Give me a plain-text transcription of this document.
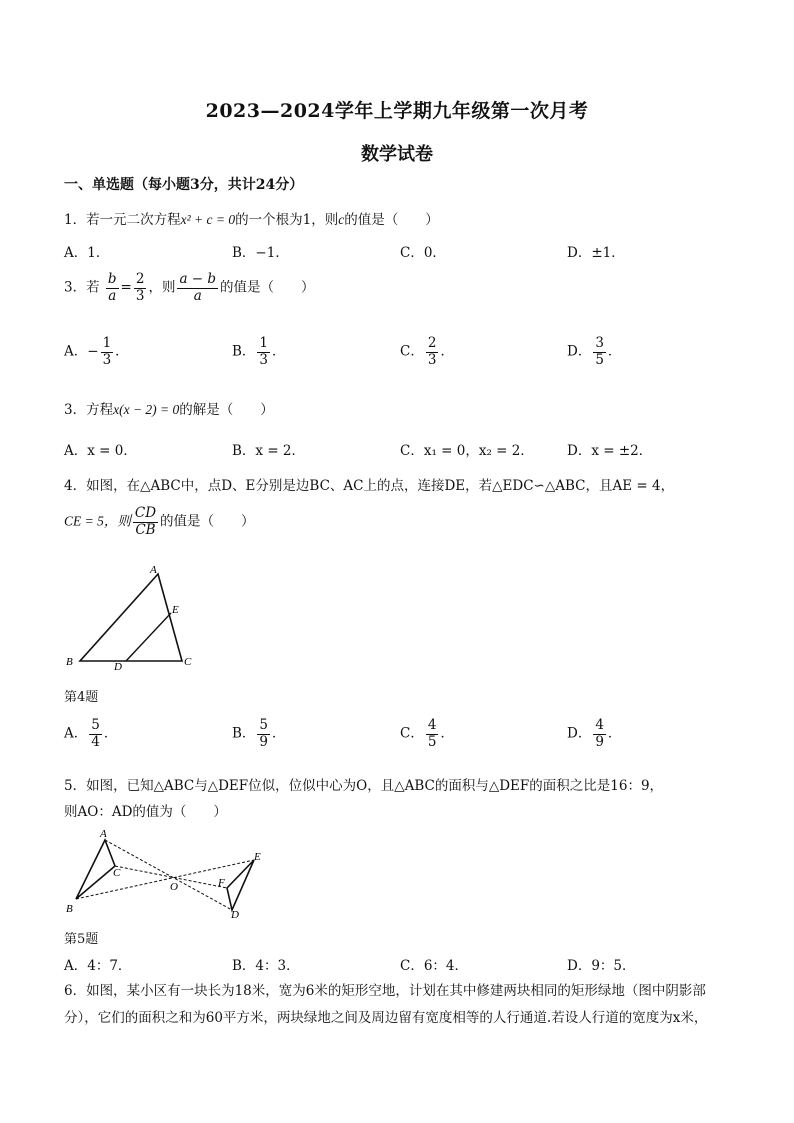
2023—2024学年上学期九年级第一次月考
数学试卷
一、单选题（每小题3分，共计24分）
1．若一元二次方程x² + c = 0的一个根为1，则c的值是（　　）
A．1．	B．−1．	C．0．	D．±1．
3．若 $\frac{b}{a} = \frac{2}{3}$ ，则 $\frac{a - b}{a}$ 的值是（　　）
A．− $\frac{1}{3}$ ．	B． $\frac{1}{3}$ ．	C． $\frac{2}{3}$ ．	D． $\frac{3}{5}$ ．
3．方程x(x − 2) = 0的解是（　　）
A．x = 0．	B．x = 2．	C．x₁ = 0，x₂ = 2． D．x = ±2．
4．如图，在△ABC中，点D、E分别是边BC、AC上的点，连接DE，若△EDC∽△ABC，且AE = 4，
CE = 5，则 $\frac{CD}{CB}$ 的值是（　　）
A
E
B	D	C
第4题
A． $\frac{5}{4}$ ．	B． $\frac{5}{9}$ ．	C． $\frac{4}{5}$ ．	D． $\frac{4}{9}$ ．
5．如图，已知△ABC与△DEF位似，位似中心为O，且△ABC的面积与△DEF的面积之比是16：9，
则AO：AD的值为（　　）
A
C
B
O
E
F
D
第5题
A．4：7．	B．4：3．	C．6：4．	D．9：5．
6．如图，某小区有一块长为18米，宽为6米的矩形空地，计划在其中修建两块相同的矩形绿地（图中阴影部分），它们的面积之和为60平方米，两块绿地之间及周边留有宽度相等的人行通道.若设人行道的宽度为x米，
